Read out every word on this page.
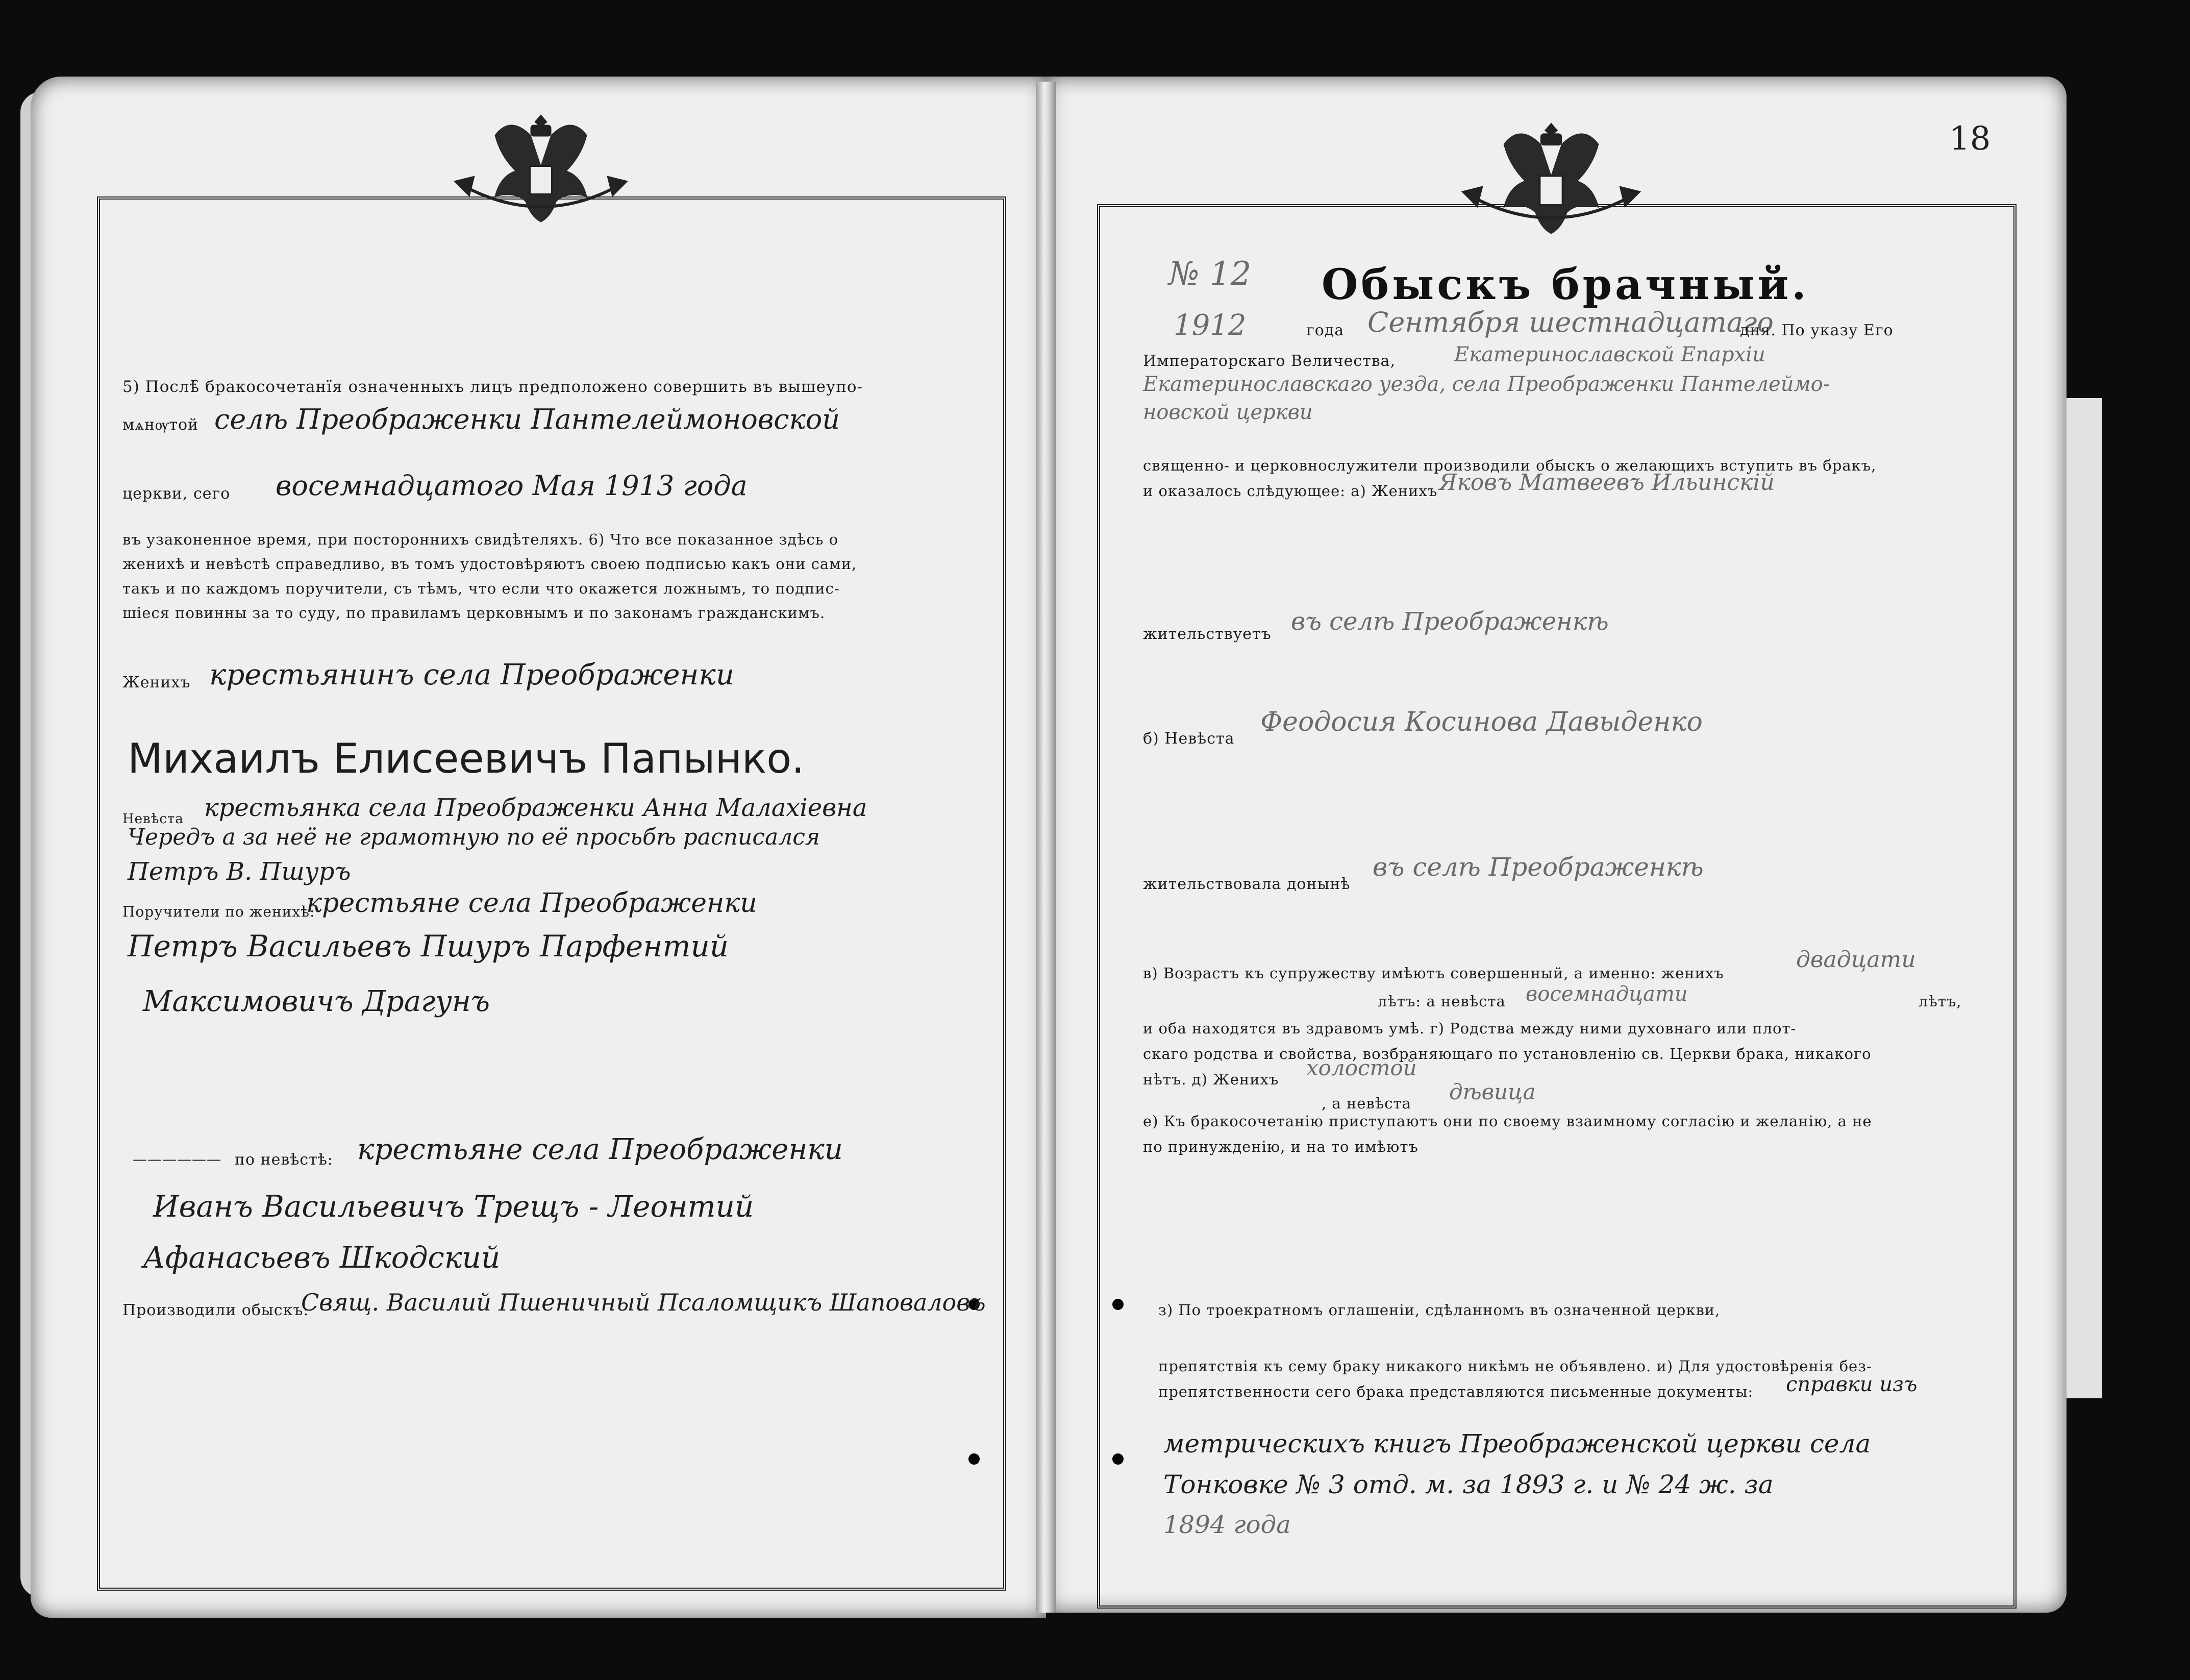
5) Послѣ̑ бракосочетанїя означенныхъ лицъ предположено совершить въ вышеупо-
мѧнѹтой селѣ Преображенки Пантелеймоновской
церкви, сего восемнадцатого Мая 1913 года
въ узаконенное время, при постороннихъ свидѣтеляхъ. 6) Что все показанное здѣсь о
женихѣ и невѣстѣ справедливо, въ томъ удостовѣряютъ своею подписью какъ они сами,
такъ и по каждомъ поручители, съ тѣмъ, что если что окажется ложнымъ, то подпис-
шiеся повинны за то суду, по правиламъ церковнымъ и по законамъ гражданскимъ.
Женихъ крестьянинъ села Преображенки
Михаилъ Елисеевичъ Папынко.
Невѣста крестьянка села Преображенки Анна Малахiевна
Чередъ а за неё не грамотную по её просьбѣ расписался
Петръ В. Пшуръ
Поручители по женихѣ:
крестьяне села Преображенки
Петръ Васильевъ Пшуръ Парфентий
Максимовичъ Драгунъ
—————— по невѣстѣ: крестьяне села Преображенки
Иванъ Васильевичъ Трещъ - Леонтий
Афанасьевъ Шкодский
Производили обыскъ:
Свящ. Василий Пшеничный Псаломщикъ Шаповаловъ
18
№ 12 Обыскъ брачный.
1912	года Сентября шестнадцатаго
дня. По указу Его
Императорскаго Величества,	Екатеринославской Епархiи
Екатеринославскаго уезда, села Преображенки Пантелеймо-
новской церкви
священно- и церковнослужители производили обыскъ о желающихъ вступить въ бракъ,
и оказалось слѣдующее: а) Женихъ Яковъ Матвеевъ Ильинскiй
жительствуетъ въ селѣ Преображенкѣ
б) Невѣста
Феодосия Косинова Давыденко
жительствовала донынѣ
въ селѣ Преображенкѣ
в) Возрастъ къ супружеству имѣютъ совершенный, а именно: женихъ
двадцати
лѣтъ: а невѣста восемнадцати	лѣтъ,
и оба находятся въ здравомъ умѣ. г) Родства между ними духовнаго или плот-
скаго родства и свойства, возбраняющаго по установленiю св. Церкви брака, никакого
нѣтъ. д) Женихъ холостой
, а невѣста дѣвица
е) Къ бракосочетанiю приступаютъ они по своему взаимному согласiю и желанiю, а не
по принужденiю, и на то имѣютъ
з) По троекратномъ оглашенiи, сдѣланномъ въ означенной церкви,
препятствiя къ сему браку никакого никѣмъ не объявлено. и) Для удостовѣренiя без-
препятственности сего брака представляются письменные документы: справки изъ
метрическихъ книгъ Преображенской церкви села
Тонковке № 3 отд. м. за 1893 г. и № 24 ж. за
1894 года
